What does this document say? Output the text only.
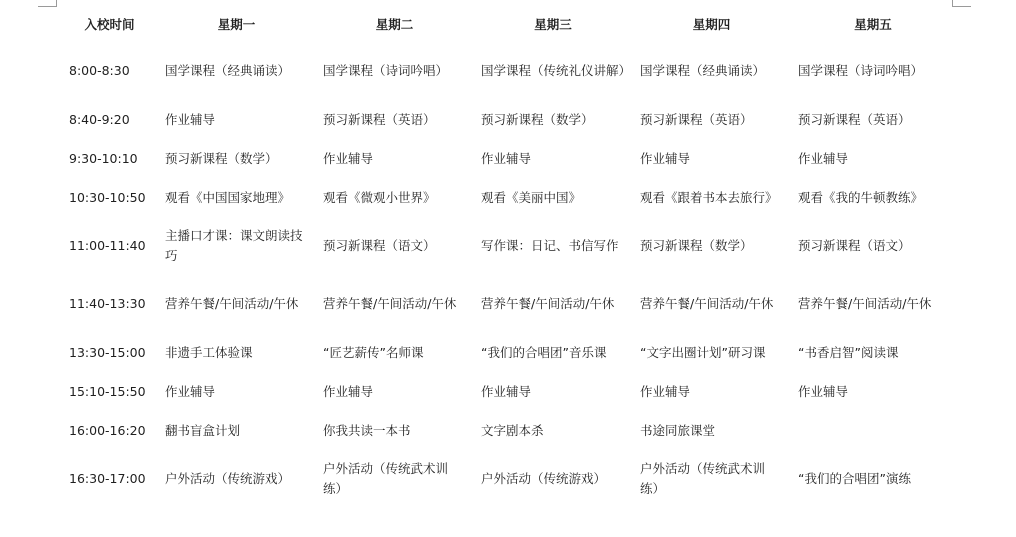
入校时间	星期一	星期二	星期三	星期四	星期五
8:00-8:30	国学课程（经典诵读）	国学课程（诗词吟唱）	国学课程（传统礼仪讲解）	国学课程（经典诵读）	国学课程（诗词吟唱）
8:40-9:20	作业辅导	预习新课程（英语）	预习新课程（数学）	预习新课程（英语）	预习新课程（英语）
9:30-10:10	预习新课程（数学）	作业辅导	作业辅导	作业辅导	作业辅导
10:30-10:50	观看《中国国家地理》	观看《微观小世界》	观看《美丽中国》	观看《跟着书本去旅行》	观看《我的牛顿教练》
11:00-11:40	主播口才课：课文朗读技巧	预习新课程（语文）	写作课：日记、书信写作	预习新课程（数学）	预习新课程（语文）
11:40-13:30	营养午餐/午间活动/午休	营养午餐/午间活动/午休	营养午餐/午间活动/午休	营养午餐/午间活动/午休	营养午餐/午间活动/午休
13:30-15:00	非遗手工体验课	“匠艺薪传”名师课	“我们的合唱团”音乐课	“文字出圈计划”研习课	“书香启智”阅读课
15:10-15:50	作业辅导	作业辅导	作业辅导	作业辅导	作业辅导
16:00-16:20	翻书盲盒计划	你我共读一本书	文字剧本杀	书途同旅课堂	
16:30-17:00	户外活动（传统游戏）	户外活动（传统武术训练）	户外活动（传统游戏）	户外活动（传统武术训练）	“我们的合唱团”演练
